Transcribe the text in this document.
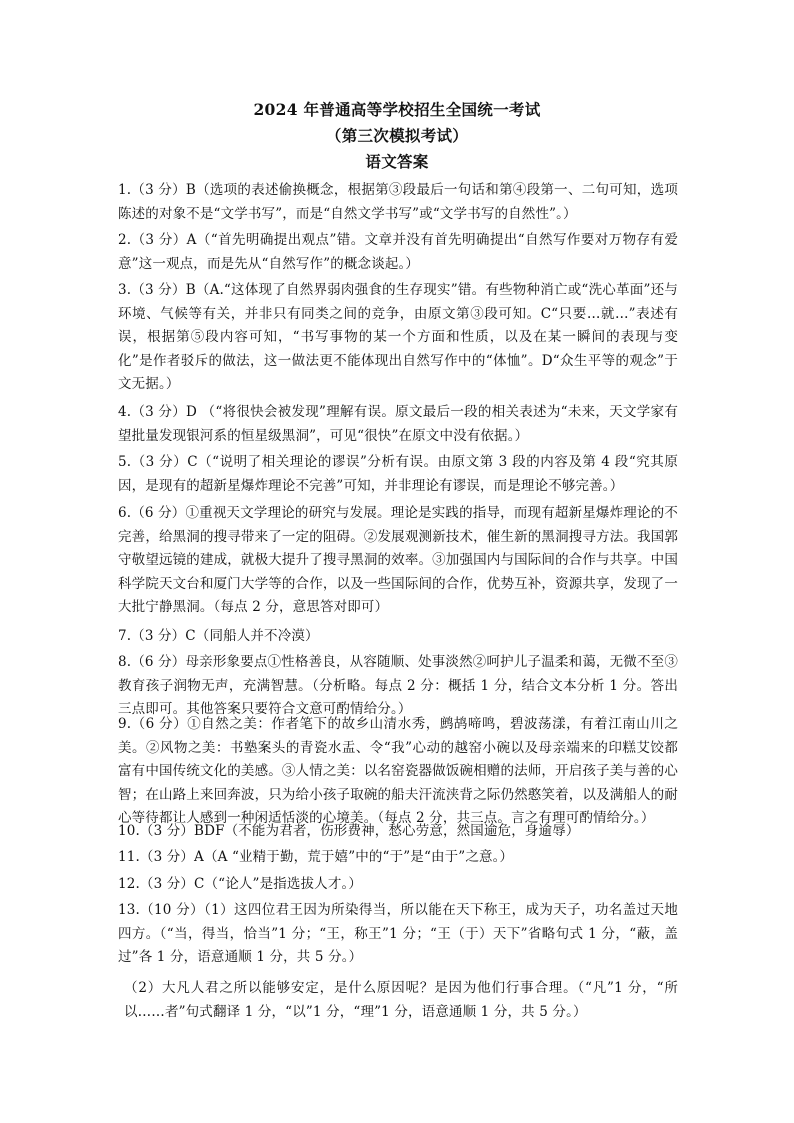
2024 年普通高等学校招生全国统一考试
（第三次模拟考试）
语文答案
1.（3 分）B（选项的表述偷换概念，根据第③段最后一句话和第④段第一、二句可知，选项陈述的对象不是“文学书写”，而是“自然文学书写”或“文学书写的自然性”。）
2.（3 分）A（“首先明确提出观点”错。文章并没有首先明确提出“自然写作要对万物存有爱意”这一观点，而是先从“自然写作”的概念谈起。）
3.（3 分）B（A.“这体现了自然界弱肉强食的生存现实”错。有些物种消亡或“洗心革面”还与环境、气候等有关，并非只有同类之间的竞争，由原文第③段可知。C“只要…就…”表述有误，根据第⑤段内容可知，“书写事物的某一个方面和性质，以及在某一瞬间的表现与变化”是作者驳斥的做法，这一做法更不能体现出自然写作中的“体恤”。D“众生平等的观念”于文无据。）
4.（3 分）D （“将很快会被发现”理解有误。原文最后一段的相关表述为“未来，天文学家有望批量发现银河系的恒星级黑洞”，可见“很快”在原文中没有依据。）
5.（3 分）C（“说明了相关理论的谬误”分析有误。由原文第 3 段的内容及第 4 段“究其原因，是现有的超新星爆炸理论不完善”可知，并非理论有谬误，而是理论不够完善。）
6.（6 分）①重视天文学理论的研究与发展。理论是实践的指导，而现有超新星爆炸理论的不完善，给黑洞的搜寻带来了一定的阻碍。②发展观测新技术，催生新的黑洞搜寻方法。我国郭守敬望远镜的建成，就极大提升了搜寻黑洞的效率。③加强国内与国际间的合作与共享。中国科学院天文台和厦门大学等的合作，以及一些国际间的合作，优势互补，资源共享，发现了一大批宁静黑洞。（每点 2 分，意思答对即可）
7.（3 分）C（同船人并不冷漠）
8.（6 分）母亲形象要点①性格善良，从容随顺、处事淡然②呵护儿子温柔和蔼，无微不至③教育孩子润物无声，充满智慧。（分析略。每点 2 分：概括 1 分，结合文本分析 1 分。答出三点即可。其他答案只要符合文意可酌情给分。）
9.（6 分）①自然之美：作者笔下的故乡山清水秀，鹧鸪啼鸣，碧波荡漾，有着江南山川之美。②风物之美：书塾案头的青瓷水盂、令“我”心动的越窑小碗以及母亲端来的印糕艾饺都富有中国传统文化的美感。③人情之美：以名窑瓷器做饭碗相赠的法师，开启孩子美与善的心智；在山路上来回奔波，只为给小孩子取碗的船夫汗流浃背之际仍然憨笑着，以及满船人的耐心等待都让人感到一种闲适恬淡的心境美。（每点 2 分，共三点。言之有理可酌情给分。）
10.（3 分）BDF（不能为君者，伤形费神，愁心劳意，然国逾危，身逾辱）
11.（3 分）A（A “业精于勤，荒于嬉”中的“于”是“由于”之意。）
12.（3 分）C（“论人”是指选拔人才。）
13.（10 分）（1）这四位君王因为所染得当，所以能在天下称王，成为天子，功名盖过天地四方。（“当，得当，恰当”1 分；“王，称王”1 分；“王（于）天下”省略句式 1 分，“蔽，盖过”各 1 分，语意通顺 1 分，共 5 分。）
（2）大凡人君之所以能够安定，是什么原因呢？是因为他们行事合理。（“凡”1 分，“所以……者”句式翻译 1 分，“以”1 分，“理”1 分，语意通顺 1 分，共 5 分。）
